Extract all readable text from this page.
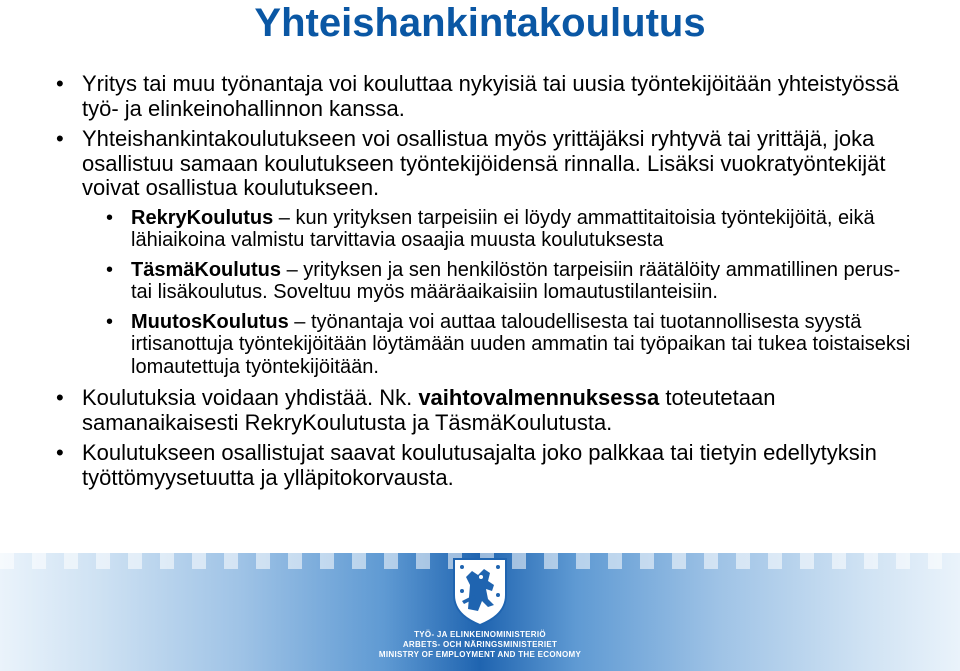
Yhteishankintakoulutus
• Yritys tai muu työnantaja voi kouluttaa nykyisiä tai uusia työntekijöitään yhteistyössä työ- ja elinkeinohallinnon kanssa.
• Yhteishankintakoulutukseen voi osallistua myös yrittäjäksi ryhtyvä tai yrittäjä, joka osallistuu samaan koulutukseen työntekijöidensä rinnalla. Lisäksi vuokratyöntekijät voivat osallistua koulutukseen.
• RekryKoulutus – kun yrityksen tarpeisiin ei löydy ammattitaitoisia työntekijöitä, eikä lähiaikoina valmistu tarvittavia osaajia muusta koulutuksesta
• TäsmäKoulutus – yrityksen ja sen henkilöstön tarpeisiin räätälöity ammatillinen perus- tai lisäkoulutus. Soveltuu myös määräaikaisiin lomautustilanteisiin.
• MuutosKoulutus – työnantaja voi auttaa taloudellisesta tai tuotannollisesta syystä irtisanottuja työntekijöitään löytämään uuden ammatin tai työpaikan tai tukea toistaiseksi lomautettuja työntekijöitään.
• Koulutuksia voidaan yhdistää. Nk. vaihtovalmennuksessa toteutetaan samanaikaisesti RekryKoulutusta ja TäsmäKoulutusta.
• Koulutukseen osallistujat saavat koulutusajalta joko palkkaa tai tietyin edellytyksin työttömyysetuutta ja ylläpitokorvausta.
TYÖ- JA ELINKEINOMINISTERIÖ
ARBETS- OCH NÄRINGSMINISTERIET
MINISTRY OF EMPLOYMENT AND THE ECONOMY
